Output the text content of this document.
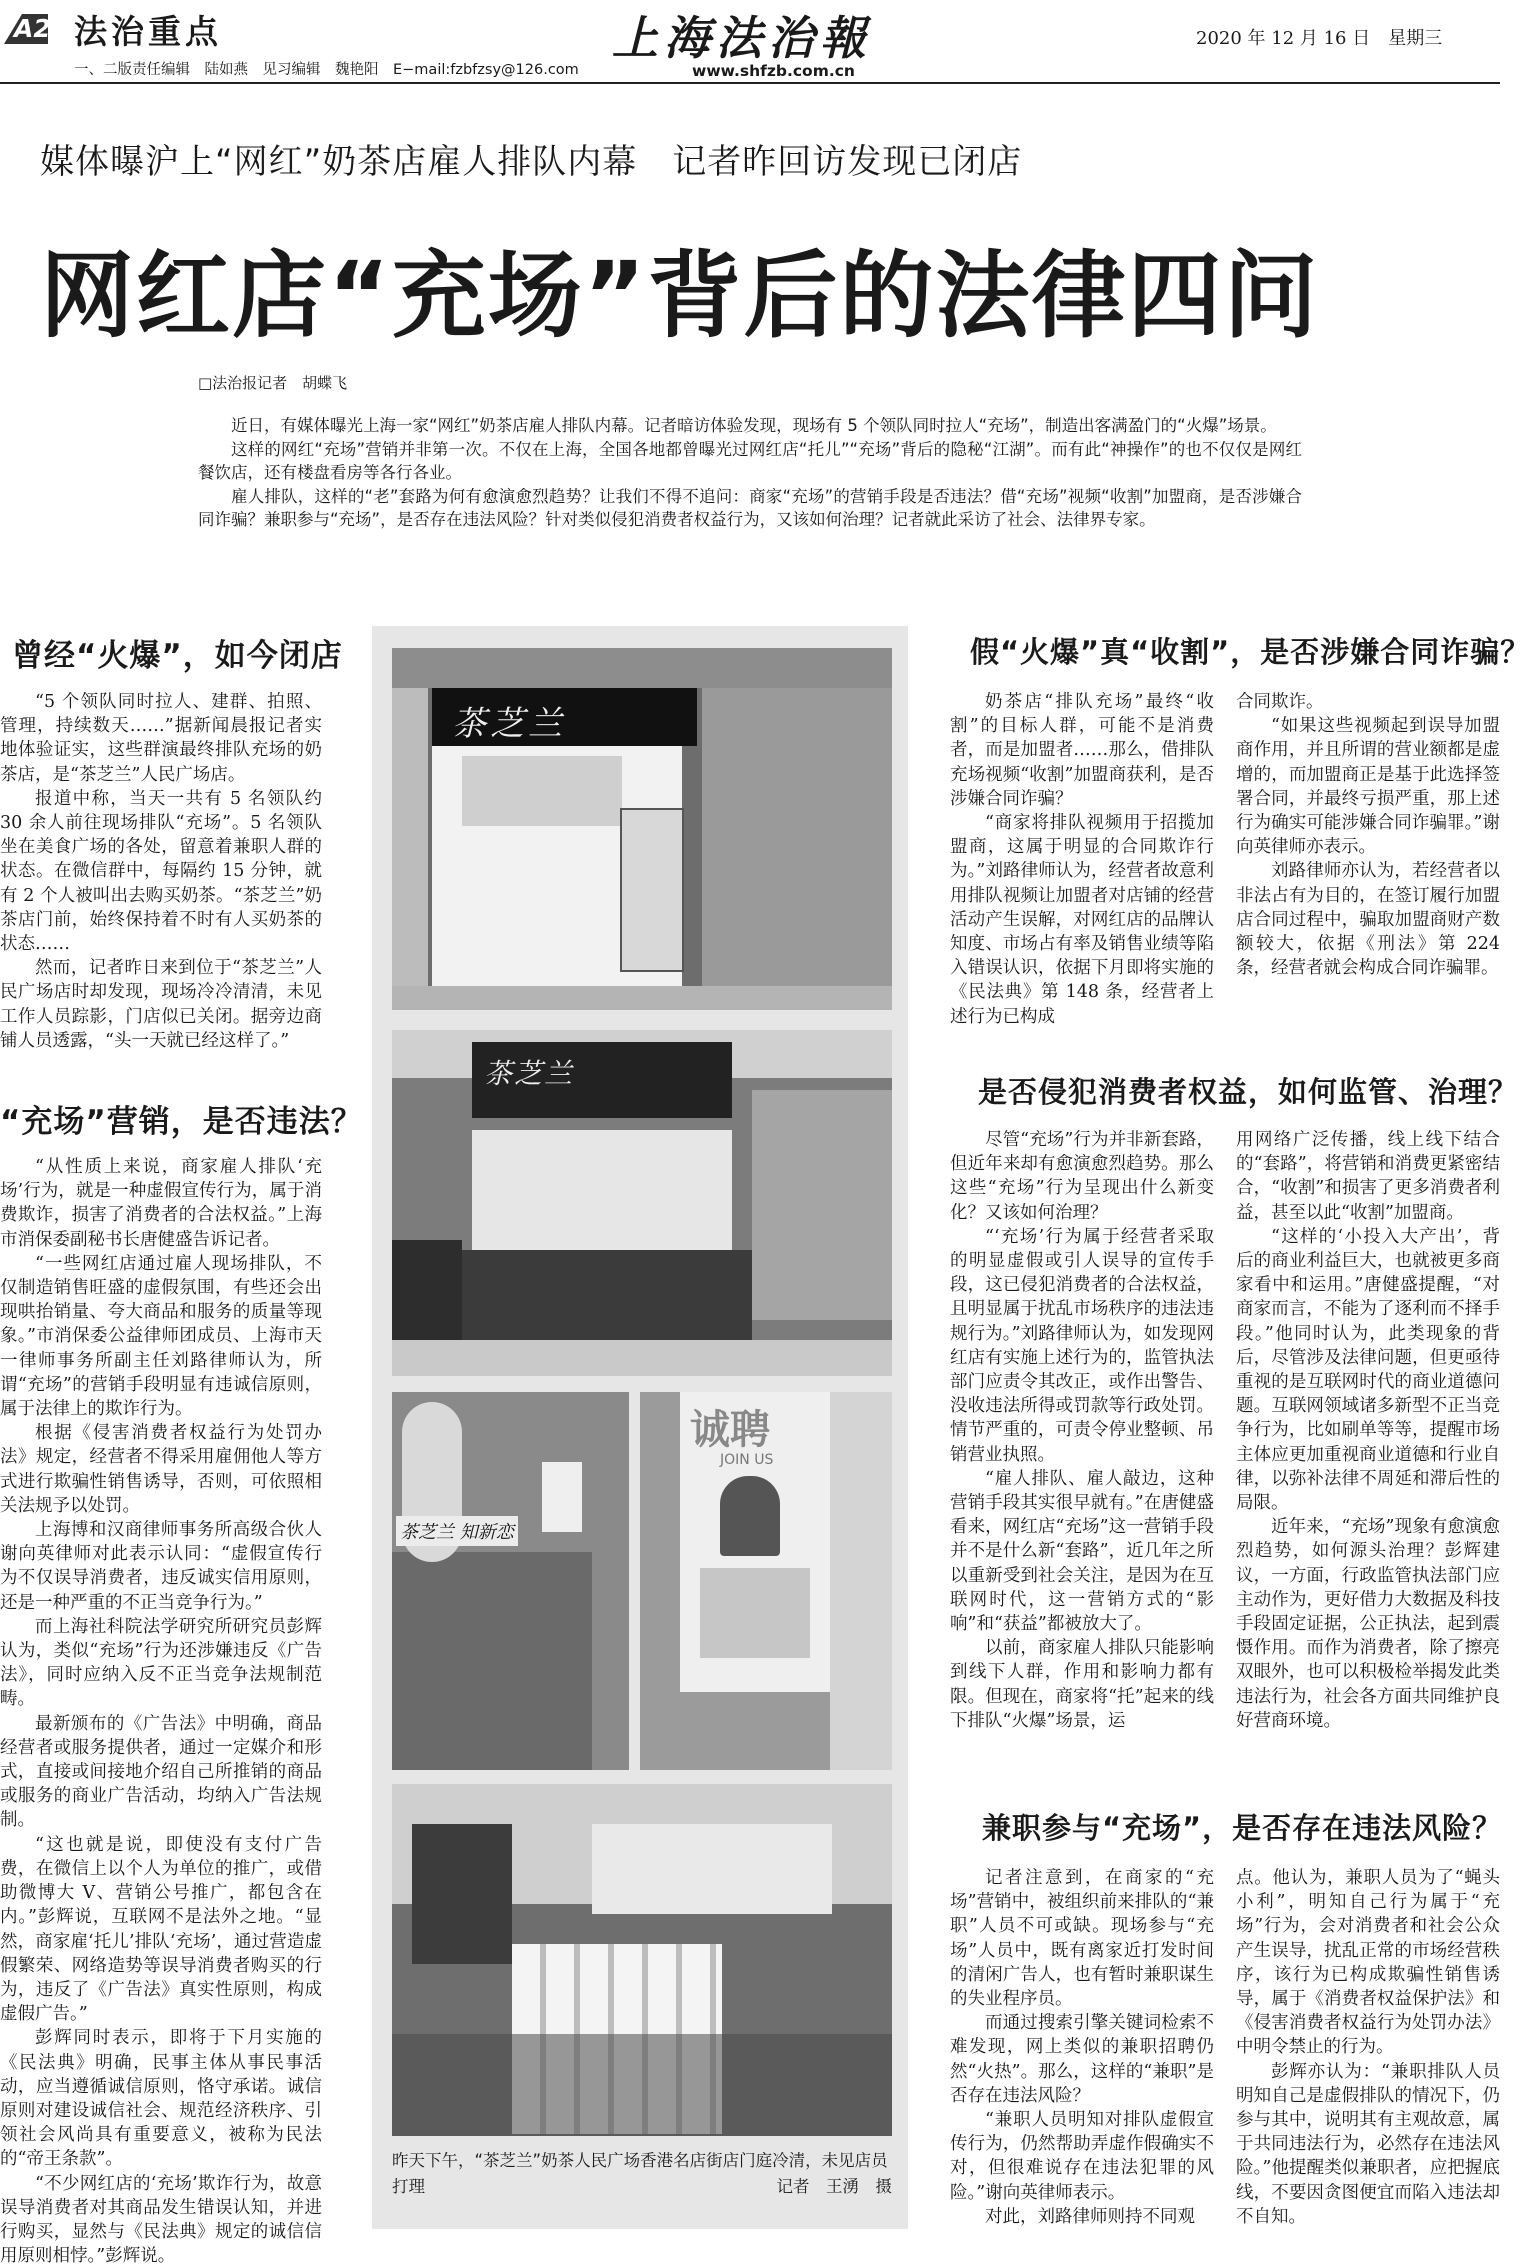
A2 法治重点
一、二版责任编辑　陆如燕　见习编辑　魏艳阳　E−mail:fzbfzsy@126.com
上海法治報
www.shfzb.com.cn
2020 年 12 月 16 日　星期三
媒体曝沪上“网红”奶茶店雇人排队内幕　记者昨回访发现已闭店
网红店“充场”背后的法律四问
□法治报记者　胡蝶飞

近日，有媒体曝光上海一家“网红”奶茶店雇人排队内幕。记者暗访体验发现，现场有 5 个领队同时拉人“充场”，制造出客满盈门的“火爆”场景。

这样的网红“充场”营销并非第一次。不仅在上海，全国各地都曾曝光过网红店“托儿”“充场”背后的隐秘“江湖”。而有此“神操作”的也不仅仅是网红餐饮店，还有楼盘看房等各行各业。

雇人排队，这样的“老”套路为何有愈演愈烈趋势？让我们不得不追问：商家“充场”的营销手段是否违法？借“充场”视频“收割”加盟商，是否涉嫌合同诈骗？兼职参与“充场”，是否存在违法风险？针对类似侵犯消费者权益行为，又该如何治理？记者就此采访了社会、法律界专家。

曾经“火爆”，如今闭店

“5 个领队同时拉人、建群、拍照、管理，持续数天……”据新闻晨报记者实地体验证实，这些群演最终排队充场的奶茶店，是“茶芝兰”人民广场店。

报道中称，当天一共有 5 名领队约 30 余人前往现场排队“充场”。5 名领队坐在美食广场的各处，留意着兼职人群的状态。在微信群中，每隔约 15 分钟，就有 2 个人被叫出去购买奶茶。“茶芝兰”奶茶店门前，始终保持着不时有人买奶茶的状态……

然而，记者昨日来到位于“茶芝兰”人民广场店时却发现，现场冷冷清清，未见工作人员踪影，门店似已关闭。据旁边商铺人员透露，“头一天就已经这样了。”

“充场”营销，是否违法？

“从性质上来说，商家雇人排队‘充场’行为，就是一种虚假宣传行为，属于消费欺诈，损害了消费者的合法权益。”上海市消保委副秘书长唐健盛告诉记者。

“一些网红店通过雇人现场排队，不仅制造销售旺盛的虚假氛围，有些还会出现哄抬销量、夸大商品和服务的质量等现象。”市消保委公益律师团成员、上海市天一律师事务所副主任刘路律师认为，所谓“充场”的营销手段明显有违诚信原则，属于法律上的欺诈行为。

根据《侵害消费者权益行为处罚办法》规定，经营者不得采用雇佣他人等方式进行欺骗性销售诱导，否则，可依照相关法规予以处罚。

上海博和汉商律师事务所高级合伙人谢向英律师对此表示认同：“虚假宣传行为不仅误导消费者，违反诚实信用原则，还是一种严重的不正当竞争行为。”

而上海社科院法学研究所研究员彭辉认为，类似“充场”行为还涉嫌违反《广告法》，同时应纳入反不正当竞争法规制范畴。

最新颁布的《广告法》中明确，商品经营者或服务提供者，通过一定媒介和形式，直接或间接地介绍自己所推销的商品或服务的商业广告活动，均纳入广告法规制。

“这也就是说，即使没有支付广告费，在微信上以个人为单位的推广，或借助微博大 V、营销公号推广，都包含在内。”彭辉说，互联网不是法外之地。“显然，商家雇‘托儿’排队‘充场’，通过营造虚假繁荣、网络造势等误导消费者购买的行为，违反了《广告法》真实性原则，构成虚假广告。”

彭辉同时表示，即将于下月实施的《民法典》明确，民事主体从事民事活动，应当遵循诚信原则，恪守承诺。诚信原则对建设诚信社会、规范经济秩序、引领社会风尚具有重要意义，被称为民法的“帝王条款”。

“不少网红店的‘充场’欺诈行为，故意误导消费者对其商品发生错误认知，并进行购买，显然与《民法典》规定的诚信信用原则相悖。”彭辉说。

茶 芝 兰
茶 芝 兰
茶芝兰 知新恋
诚聘
JOIN US
昨天下午，“茶芝兰”奶茶人民广场香港名店街店门庭冷清，未见店员打理	记者　王湧　摄
假“火爆”真“收割”，是否涉嫌合同诈骗？

奶茶店“排队充场”最终“收割”的目标人群，可能不是消费者，而是加盟者……那么，借排队充场视频“收割”加盟商获利，是否涉嫌合同诈骗？

“商家将排队视频用于招揽加盟商，这属于明显的合同欺诈行为。”刘路律师认为，经营者故意利用排队视频让加盟者对店铺的经营活动产生误解，对网红店的品牌认知度、市场占有率及销售业绩等陷入错误认识，依据下月即将实施的《民法典》第 148 条，经营者上述行为已构成

合同欺诈。

“如果这些视频起到误导加盟商作用，并且所谓的营业额都是虚增的，而加盟商正是基于此选择签署合同，并最终亏损严重，那上述行为确实可能涉嫌合同诈骗罪。”谢向英律师亦表示。

刘路律师亦认为，若经营者以非法占有为目的，在签订履行加盟店合同过程中，骗取加盟商财产数额较大，依据《刑法》第 224 条，经营者就会构成合同诈骗罪。

是否侵犯消费者权益，如何监管、治理？

尽管“充场”行为并非新套路，但近年来却有愈演愈烈趋势。那么这些“充场”行为呈现出什么新变化？又该如何治理？

“‘充场’行为属于经营者采取的明显虚假或引人误导的宣传手段，这已侵犯消费者的合法权益，且明显属于扰乱市场秩序的违法违规行为。”刘路律师认为，如发现网红店有实施上述行为的，监管执法部门应责令其改正，或作出警告、没收违法所得或罚款等行政处罚。情节严重的，可责令停业整顿、吊销营业执照。

“雇人排队、雇人敲边，这种营销手段其实很早就有。”在唐健盛看来，网红店“充场”这一营销手段并不是什么新“套路”，近几年之所以重新受到社会关注，是因为在互联网时代，这一营销方式的“影响”和“获益”都被放大了。

以前，商家雇人排队只能影响到线下人群，作用和影响力都有限。但现在，商家将“托”起来的线下排队“火爆”场景，运

用网络广泛传播，线上线下结合的“套路”，将营销和消费更紧密结合，“收割”和损害了更多消费者利益，甚至以此“收割”加盟商。

“这样的‘小投入大产出’，背后的商业利益巨大，也就被更多商家看中和运用。”唐健盛提醒，“对商家而言，不能为了逐利而不择手段。”他同时认为，此类现象的背后，尽管涉及法律问题，但更亟待重视的是互联网时代的商业道德问题。互联网领域诸多新型不正当竞争行为，比如刷单等等，提醒市场主体应更加重视商业道德和行业自律，以弥补法律不周延和滞后性的局限。

近年来，“充场”现象有愈演愈烈趋势，如何源头治理？彭辉建议，一方面，行政监管执法部门应主动作为，更好借力大数据及科技手段固定证据，公正执法，起到震慑作用。而作为消费者，除了擦亮双眼外，也可以积极检举揭发此类违法行为，社会各方面共同维护良好营商环境。

兼职参与“充场”，是否存在违法风险？

记者注意到，在商家的“充场”营销中，被组织前来排队的“兼职”人员不可或缺。现场参与“充场”人员中，既有离家近打发时间的清闲广告人，也有暂时兼职谋生的失业程序员。

而通过搜索引擎关键词检索不难发现，网上类似的兼职招聘仍然“火热”。那么，这样的“兼职”是否存在违法风险？

“兼职人员明知对排队虚假宣传行为，仍然帮助弄虚作假确实不对，但很难说存在违法犯罪的风险。”谢向英律师表示。

对此，刘路律师则持不同观

点。他认为，兼职人员为了“蝇头小利”，明知自己行为属于“充场”行为，会对消费者和社会公众产生误导，扰乱正常的市场经营秩序，该行为已构成欺骗性销售诱导，属于《消费者权益保护法》和《侵害消费者权益行为处罚办法》中明令禁止的行为。

彭辉亦认为：“兼职排队人员明知自己是虚假排队的情况下，仍参与其中，说明其有主观故意，属于共同违法行为，必然存在违法风险。”他提醒类似兼职者，应把握底线，不要因贪图便宜而陷入违法却不自知。
